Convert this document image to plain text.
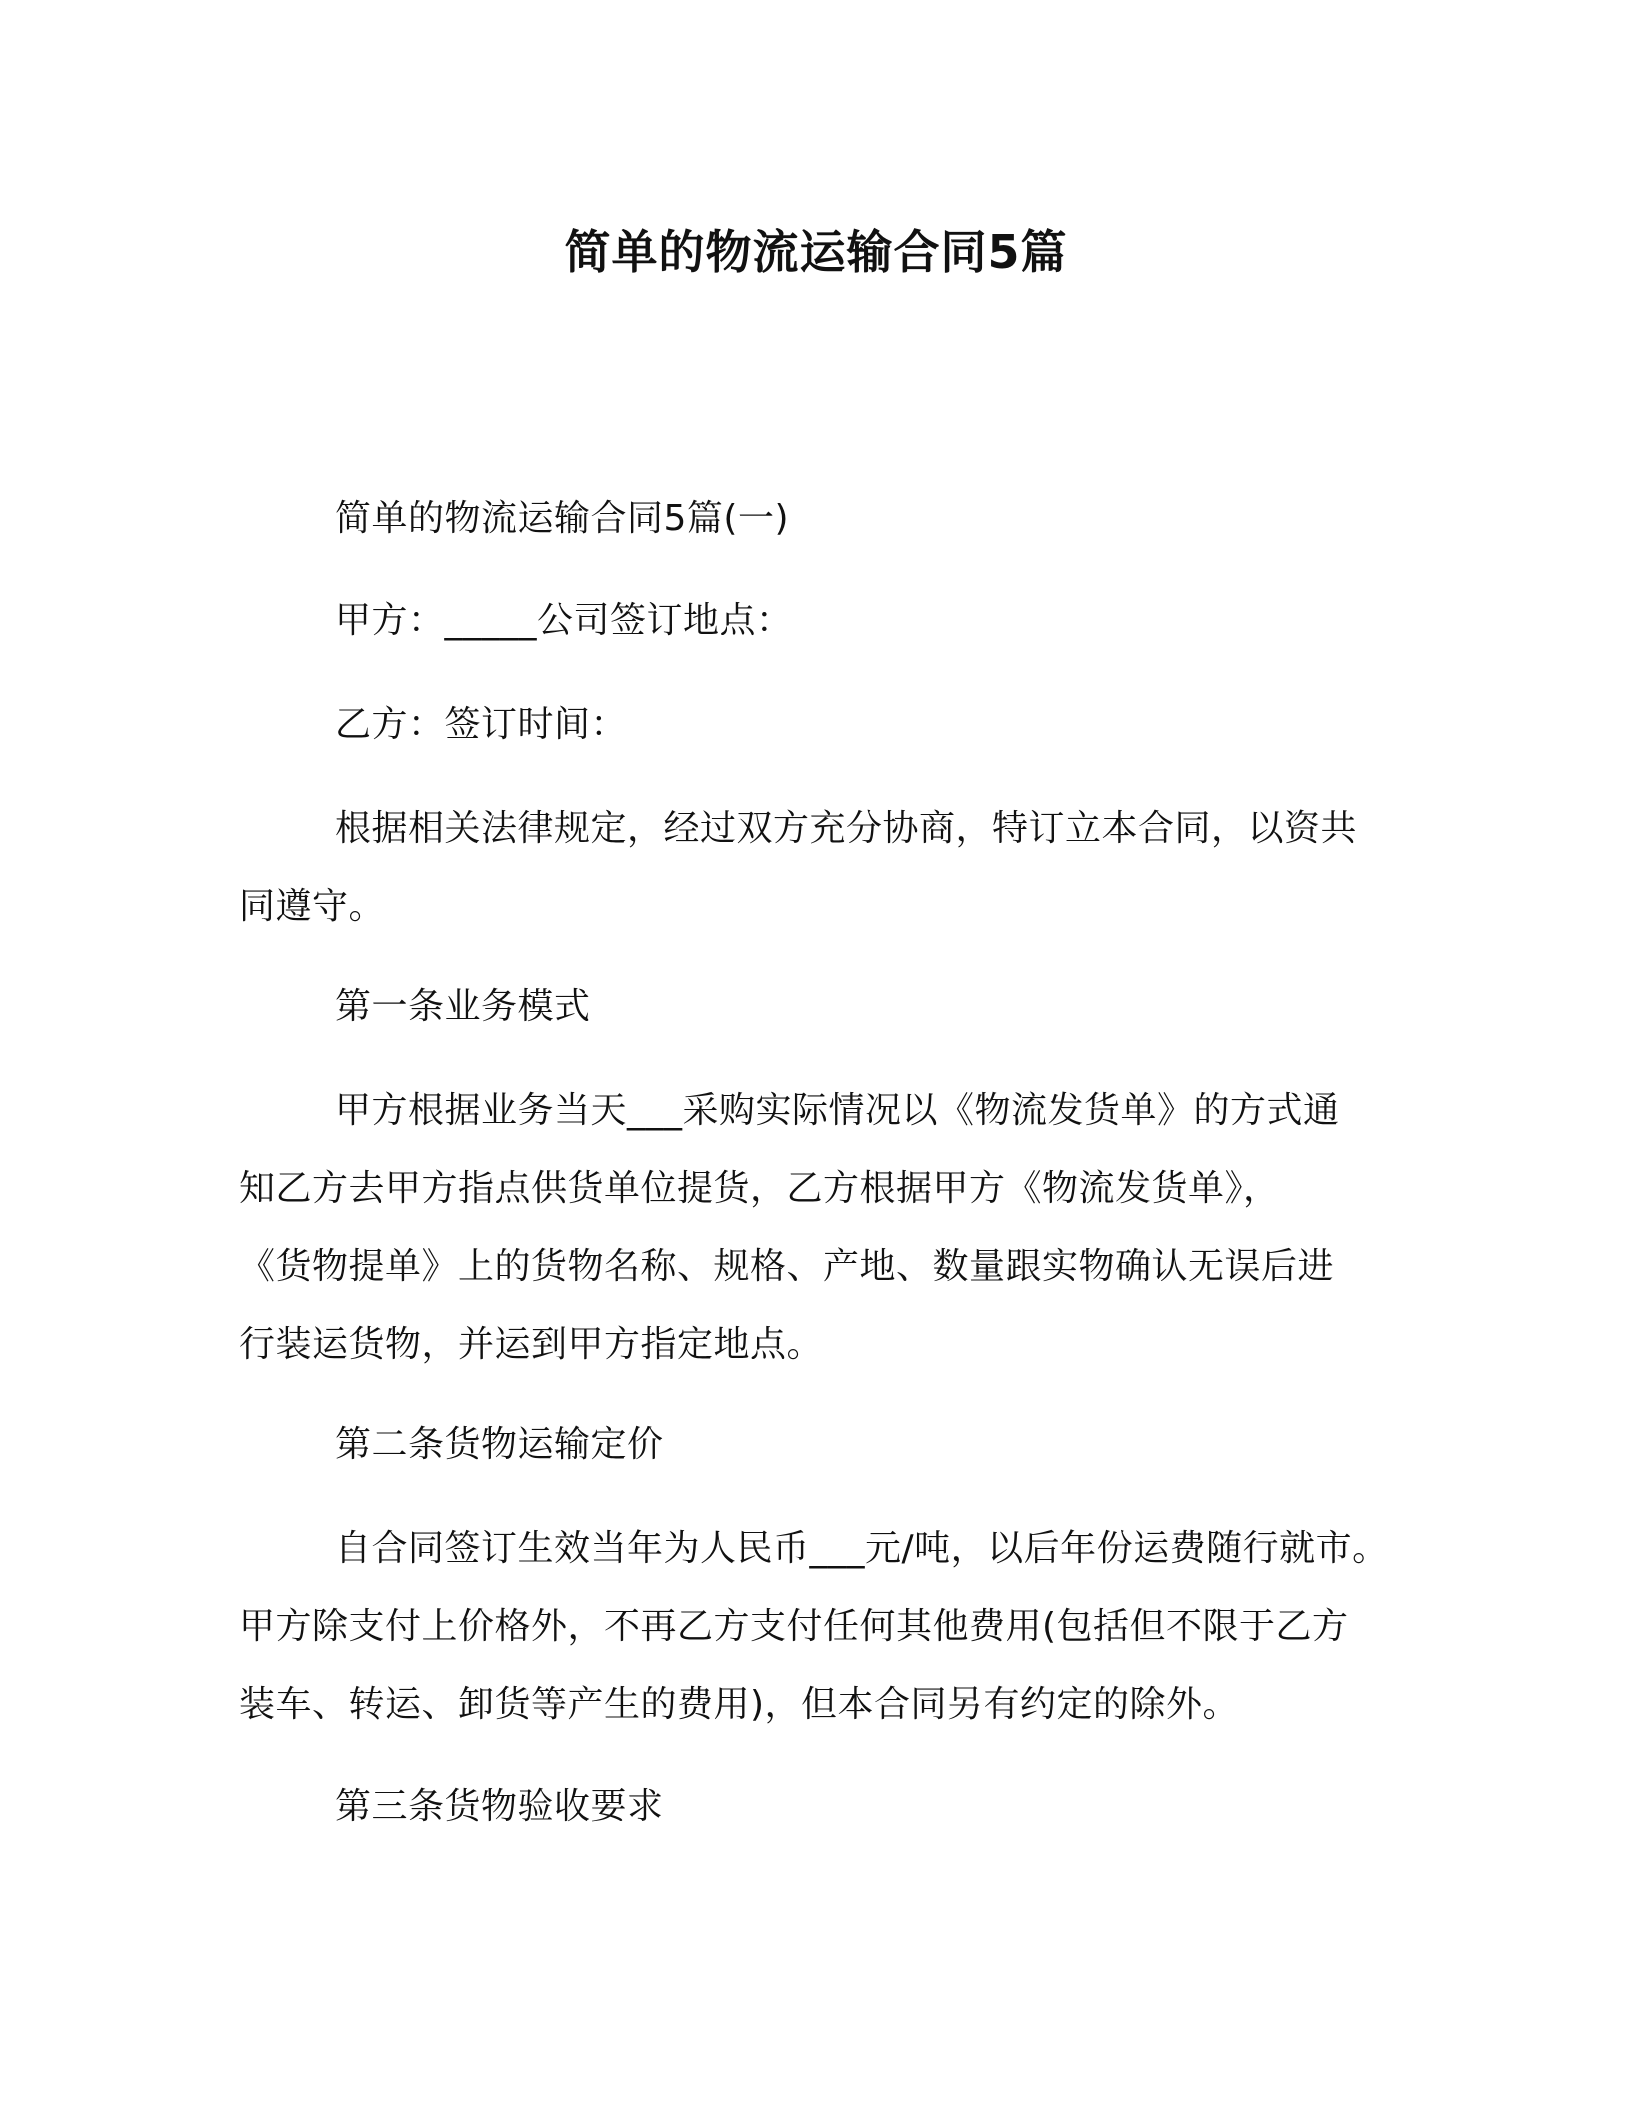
简单的物流运输合同5篇
简单的物流运输合同5篇(一)
甲方：_____公司签订地点：
乙方：签订时间：
根据相关法律规定，经过双方充分协商，特订立本合同，以资共
同遵守。
第一条业务模式
甲方根据业务当天___采购实际情况以《物流发货单》的方式通
知乙方去甲方指点供货单位提货，乙方根据甲方《物流发货单》，
《货物提单》上的货物名称、规格、产地、数量跟实物确认无误后进
行装运货物，并运到甲方指定地点。
第二条货物运输定价
自合同签订生效当年为人民币___元/吨，以后年份运费随行就市。
甲方除支付上价格外，不再乙方支付任何其他费用(包括但不限于乙方
装车、转运、卸货等产生的费用)，但本合同另有约定的除外。
第三条货物验收要求
